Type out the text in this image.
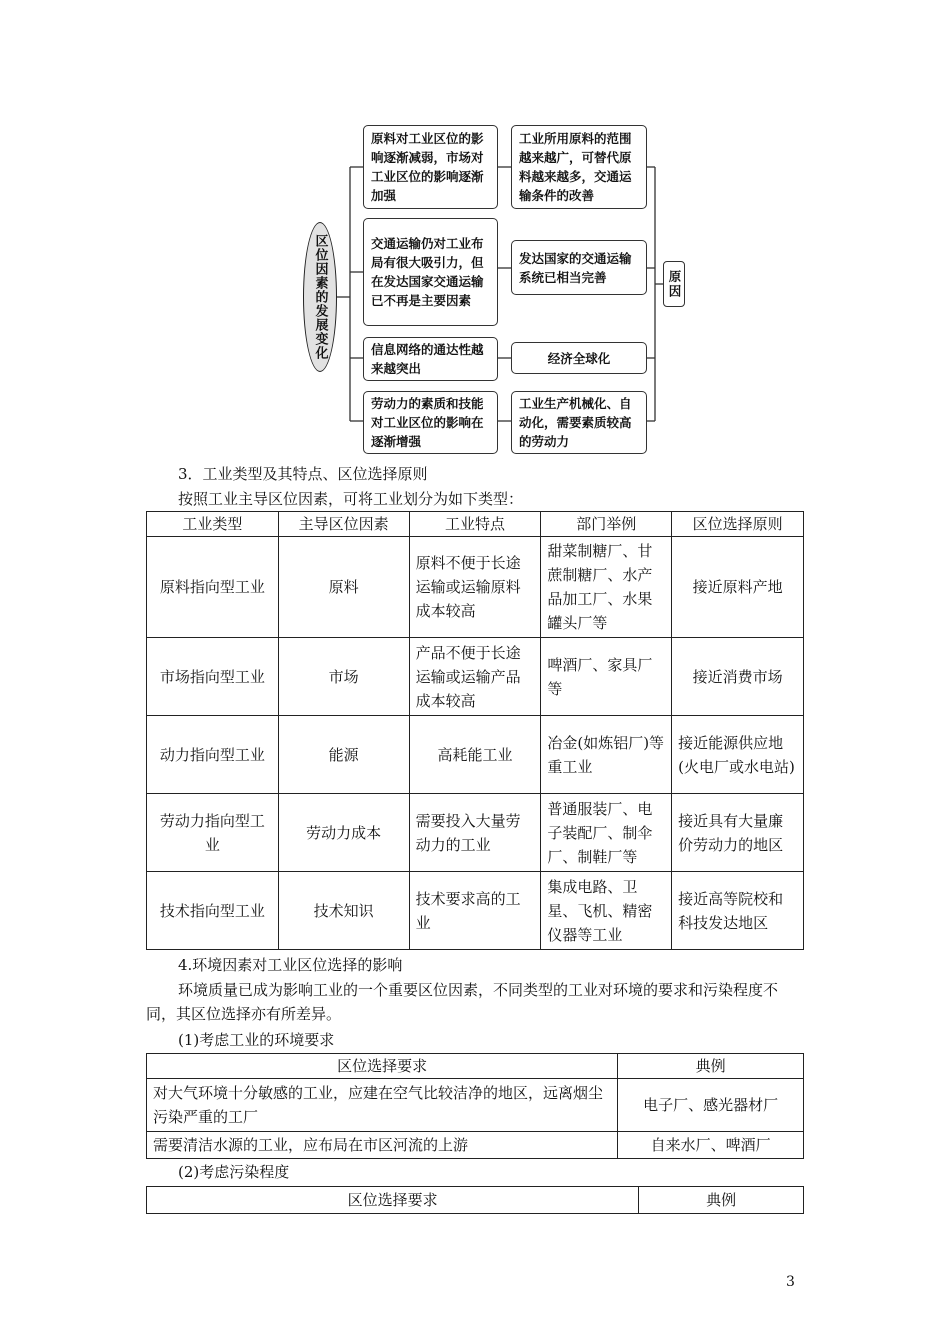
区位因素的发展变化
原料对工业区位的影响逐渐减弱，市场对工业区位的影响逐渐加强
交通运输仍对工业布局有很大吸引力，但在发达国家交通运输已不再是主要因素
信息网络的通达性越来越突出
劳动力的素质和技能对工业区位的影响在逐渐增强
工业所用原料的范围越来越广，可替代原料越来越多，交通运输条件的改善
发达国家的交通运输系统已相当完善
经济全球化
工业生产机械化、自动化，需要素质较高的劳动力
原因
3．工业类型及其特点、区位选择原则
按照工业主导区位因素，可将工业划分为如下类型：
工业类型	主导区位因素	工业特点	部门举例	区位选择原则
原料指向型工业	原料	原料不便于长途运输或运输原料成本较高	甜菜制糖厂、甘蔗制糖厂、水产品加工厂、水果罐头厂等	接近原料产地
市场指向型工业	市场	产品不便于长途运输或运输产品成本较高	啤酒厂、家具厂等	接近消费市场
动力指向型工业	能源	高耗能工业	冶金(如炼铝厂)等重工业	接近能源供应地(火电厂或水电站)
劳动力指向型工业	劳动力成本	需要投入大量劳动力的工业	普通服装厂、电子装配厂、制伞厂、制鞋厂等	接近具有大量廉价劳动力的地区
技术指向型工业	技术知识	技术要求高的工业	集成电路、卫星、飞机、精密仪器等工业	接近高等院校和科技发达地区
4.环境因素对工业区位选择的影响
环境质量已成为影响工业的一个重要区位因素，不同类型的工业对环境的要求和污染程度不同，其区位选择亦有所差异。
(1)考虑工业的环境要求
区位选择要求	典例
对大气环境十分敏感的工业，应建在空气比较洁净的地区，远离烟尘污染严重的工厂	电子厂、感光器材厂
需要清洁水源的工业，应布局在市区河流的上游	自来水厂、啤酒厂
(2)考虑污染程度
区位选择要求	典例
3
